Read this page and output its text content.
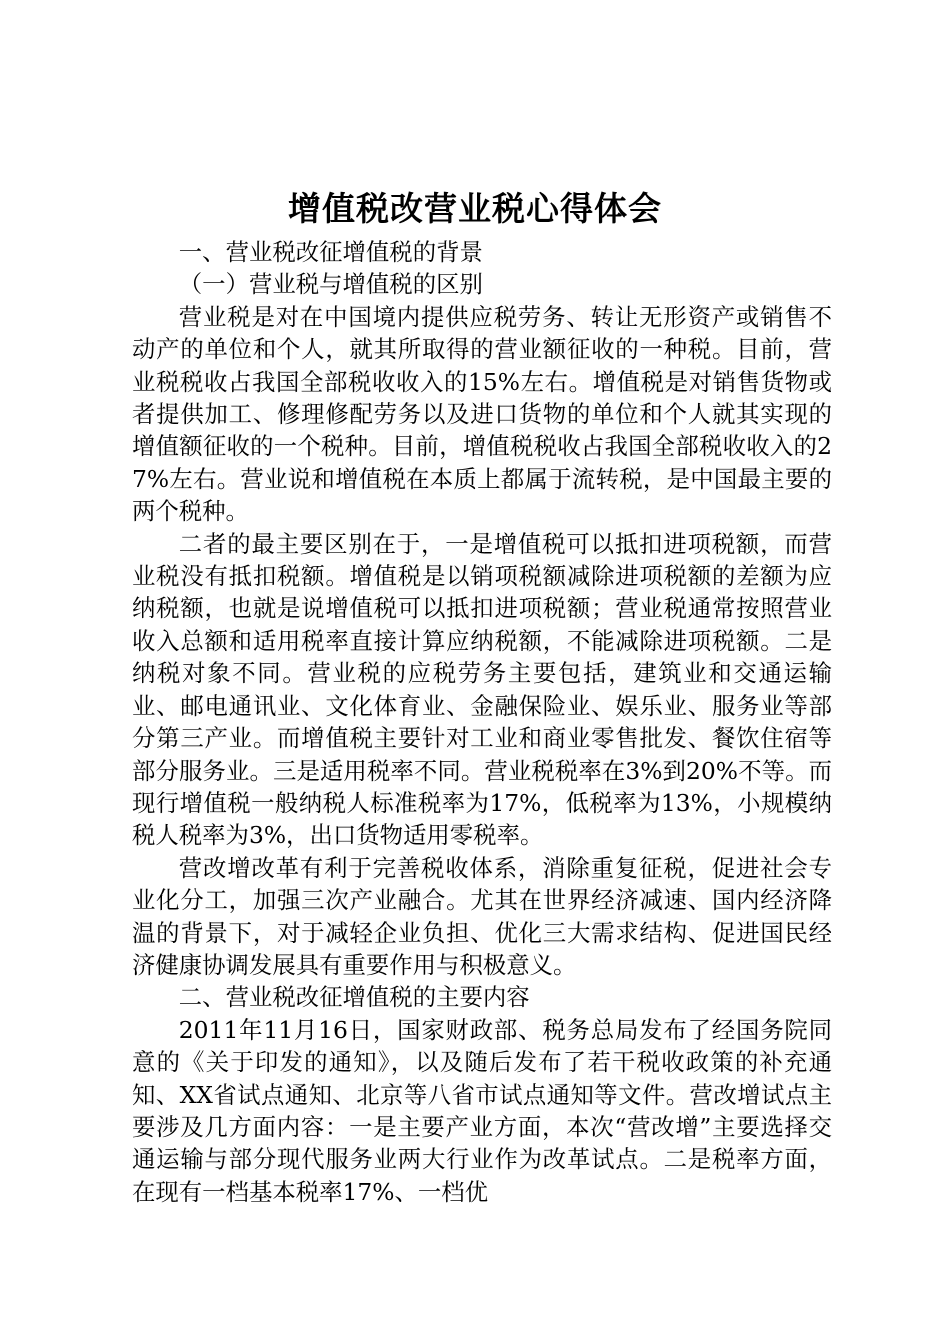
增值税改营业税心得体会

一、营业税改征增值税的背景

（一）营业税与增值税的区别

营业税是对在中国境内提供应税劳务、转让无形资产或销售不动产的单位和个人，就其所取得的营业额征收的一种税。目前，营业税税收占我国全部税收收入的15%左右。增值税是对销售货物或者提供加工、修理修配劳务以及进口货物的单位和个人就其实现的增值额征收的一个税种。目前，增值税税收占我国全部税收收入的27%左右。营业说和增值税在本质上都属于流转税，是中国最主要的两个税种。

二者的最主要区别在于，一是增值税可以抵扣进项税额，而营业税没有抵扣税额。增值税是以销项税额减除进项税额的差额为应纳税额，也就是说增值税可以抵扣进项税额；营业税通常按照营业收入总额和适用税率直接计算应纳税额，不能减除进项税额。二是纳税对象不同。营业税的应税劳务主要包括，建筑业和交通运输业、邮电通讯业、文化体育业、金融保险业、娱乐业、服务业等部分第三产业。而增值税主要针对工业和商业零售批发、餐饮住宿等部分服务业。三是适用税率不同。营业税税率在3%到20%不等。而现行增值税一般纳税人标准税率为17%，低税率为13%，小规模纳税人税率为3%，出口货物适用零税率。

营改增改革有利于完善税收体系，消除重复征税，促进社会专业化分工，加强三次产业融合。尤其在世界经济减速、国内经济降温的背景下，对于减轻企业负担、优化三大需求结构、促进国民经济健康协调发展具有重要作用与积极意义。

二、营业税改征增值税的主要内容

2011年11月16日，国家财政部、税务总局发布了经国务院同意的《关于印发的通知》，以及随后发布了若干税收政策的补充通知、XX省试点通知、北京等八省市试点通知等文件。营改增试点主要涉及几方面内容：一是主要产业方面，本次“营改增”主要选择交通运输与部分现代服务业两大行业作为改革试点。二是税率方面，在现有一档基本税率17%、一档优
